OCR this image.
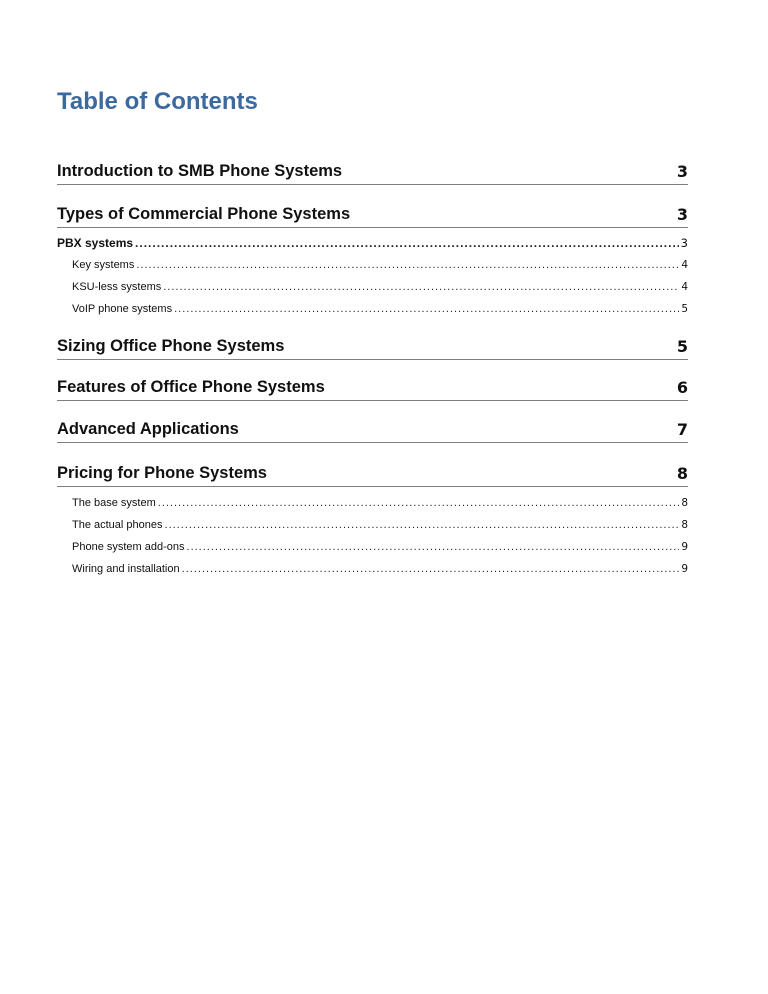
Table of Contents
Introduction to SMB Phone Systems	3
Types of Commercial Phone Systems	3
PBX systems .....	3
Key systems .....	4
KSU-less systems .....	4
VoIP phone systems .....	5
Sizing Office Phone Systems	5
Features of Office Phone Systems	6
Advanced Applications	7
Pricing for Phone Systems	8
The base system .....	8
The actual phones .....	8
Phone system add-ons .....	9
Wiring and installation .....	9
